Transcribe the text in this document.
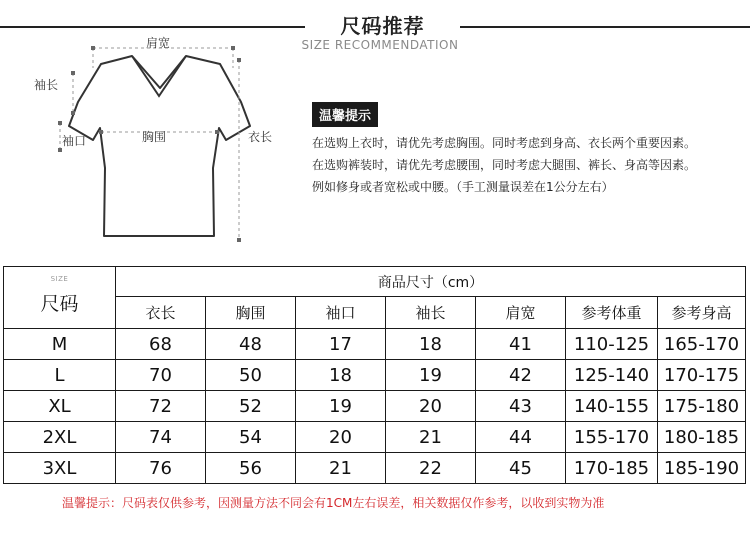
尺码推荐
SIZE RECOMMENDATION
肩宽
袖长
袖口	胸围	衣长
温馨提示
在选购上衣时，请优先考虑胸围。同时考虑到身高、衣长两个重要因素。
在选购裤装时，请优先考虑腰围，同时考虑大腿围、裤长、身高等因素。
例如修身或者宽松或中腰。（手工测量误差在1公分左右）
SIZE
尺码	商品尺寸（cm）						
	衣长	胸围	袖口	袖长	肩宽	参考体重	参考身高
M	68	48	17	18	41	110-125	165-170
L	70	50	18	19	42	125-140	170-175
XL	72	52	19	20	43	140-155	175-180
2XL	74	54	20	21	44	155-170	180-185
3XL	76	56	21	22	45	170-185	185-190
温馨提示：尺码表仅供参考，因测量方法不同会有1CM左右误差，相关数据仅作参考，以收到实物为准
